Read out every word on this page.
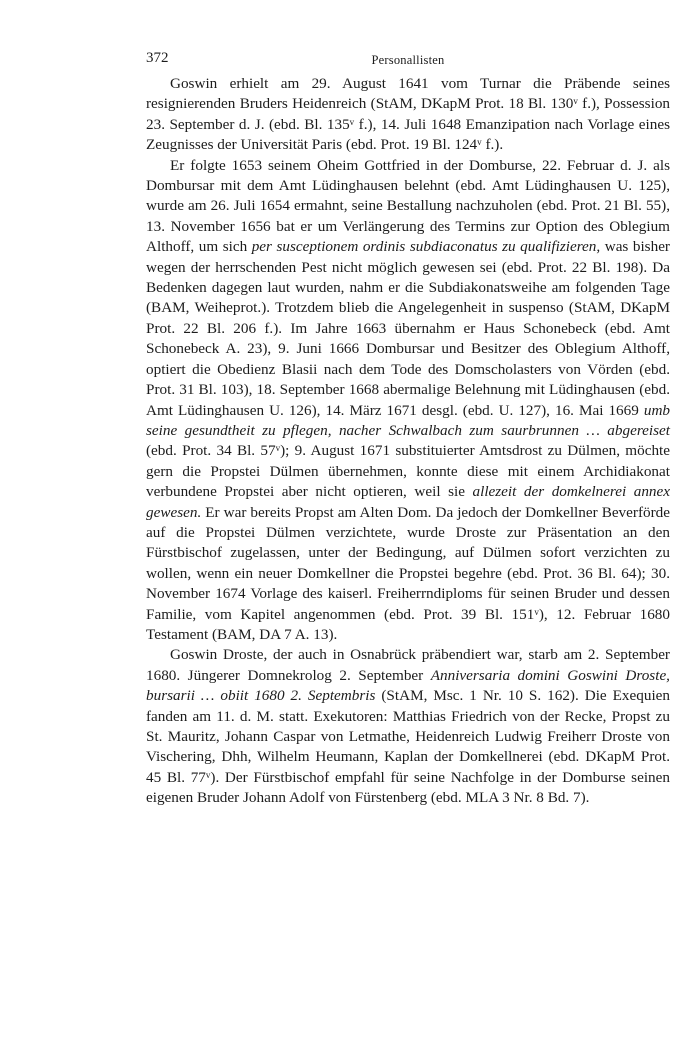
372	Personallisten

Goswin erhielt am 29. August 1641 vom Turnar die Präbende seines resignierenden Bruders Heidenreich (StAM, DKapM Prot. 18 Bl. 130$^v$ f.), Possession 23. September d. J. (ebd. Bl. 135$^v$ f.), 14. Juli 1648 Emanzipation nach Vorlage eines Zeugnisses der Universität Paris (ebd. Prot. 19 Bl. 124$^v$ f.).

Er folgte 1653 seinem Oheim Gottfried in der Domburse, 22. Februar d. J. als Dombursar mit dem Amt Lüdinghausen belehnt (ebd. Amt Lüdinghausen U. 125), wurde am 26. Juli 1654 ermahnt, seine Bestallung nachzuholen (ebd. Prot. 21 Bl. 55), 13. November 1656 bat er um Verlängerung des Termins zur Option des Oblegium Althoff, um sich per susceptionem ordinis subdiaconatus zu qualifizieren, was bisher wegen der herrschenden Pest nicht möglich gewesen sei (ebd. Prot. 22 Bl. 198). Da Bedenken dagegen laut wurden, nahm er die Subdiakonatsweihe am folgenden Tage (BAM, Weiheprot.). Trotzdem blieb die Angelegenheit in suspenso (StAM, DKapM Prot. 22 Bl. 206 f.). Im Jahre 1663 übernahm er Haus Schonebeck (ebd. Amt Schonebeck A. 23), 9. Juni 1666 Dombursar und Besitzer des Oblegium Althoff, optiert die Obedienz Blasii nach dem Tode des Domscholasters von Vörden (ebd. Prot. 31 Bl. 103), 18. September 1668 abermalige Belehnung mit Lüdinghausen (ebd. Amt Lüdinghausen U. 126), 14. März 1671 desgl. (ebd. U. 127), 16. Mai 1669 umb seine gesundtheit zu pflegen, nacher Schwalbach zum saurbrunnen … abgereiset (ebd. Prot. 34 Bl. 57$^v$); 9. August 1671 substituierter Amtsdrost zu Dülmen, möchte gern die Propstei Dülmen übernehmen, konnte diese mit einem Archidiakonat verbundene Propstei aber nicht optieren, weil sie allezeit der domkelnerei annex gewesen. Er war bereits Propst am Alten Dom. Da jedoch der Domkellner Beverförde auf die Propstei Dülmen verzichtete, wurde Droste zur Präsentation an den Fürstbischof zugelassen, unter der Bedingung, auf Dülmen sofort verzichten zu wollen, wenn ein neuer Domkellner die Propstei begehre (ebd. Prot. 36 Bl. 64); 30. November 1674 Vorlage des kaiserl. Freiherrndiploms für seinen Bruder und dessen Familie, vom Kapitel angenommen (ebd. Prot. 39 Bl. 151$^v$), 12. Februar 1680 Testament (BAM, DA 7 A. 13).

Goswin Droste, der auch in Osnabrück präbendiert war, starb am 2. September 1680. Jüngerer Domnekrolog 2. September Anniversaria domini Goswini Droste, bursarii … obiit 1680 2. Septembris (StAM, Msc. 1 Nr. 10 S. 162). Die Exequien fanden am 11. d. M. statt. Exekutoren: Matthias Friedrich von der Recke, Propst zu St. Mauritz, Johann Caspar von Letmathe, Heidenreich Ludwig Freiherr Droste von Vischering, Dhh, Wilhelm Heumann, Kaplan der Domkellnerei (ebd. DKapM Prot. 45 Bl. 77$^v$). Der Fürstbischof empfahl für seine Nachfolge in der Domburse seinen eigenen Bruder Johann Adolf von Fürstenberg (ebd. MLA 3 Nr. 8 Bd. 7).
